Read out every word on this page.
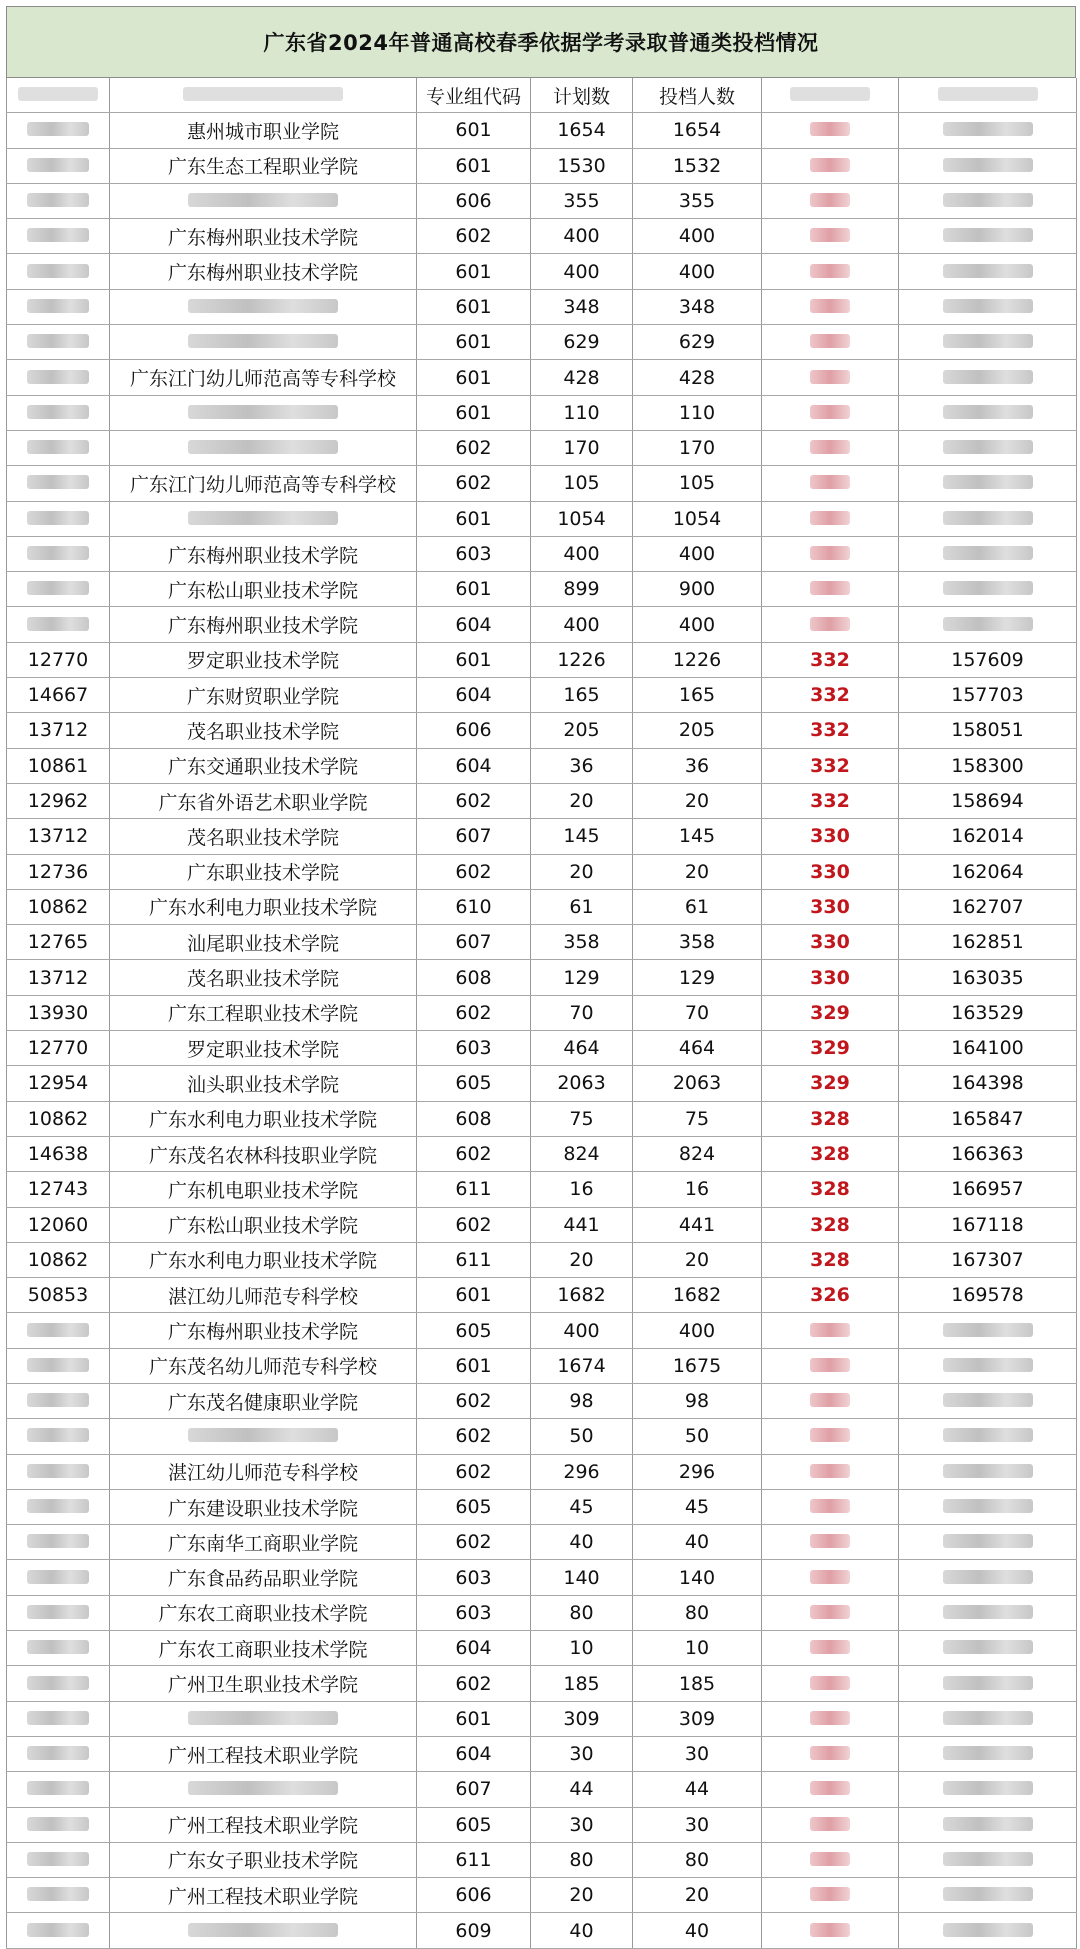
广东省2024年普通高校春季依据学考录取普通类投档情况
		专业组代码	计划数	投档人数		
	惠州城市职业学院	601	1654	1654		
	广东生态工程职业学院	601	1530	1532		
		606	355	355		
	广东梅州职业技术学院	602	400	400		
	广东梅州职业技术学院	601	400	400		
		601	348	348		
		601	629	629		
	广东江门幼儿师范高等专科学校	601	428	428		
		601	110	110		
		602	170	170		
	广东江门幼儿师范高等专科学校	602	105	105		
		601	1054	1054		
	广东梅州职业技术学院	603	400	400		
	广东松山职业技术学院	601	899	900		
	广东梅州职业技术学院	604	400	400		
12770	罗定职业技术学院	601	1226	1226	332	157609
14667	广东财贸职业学院	604	165	165	332	157703
13712	茂名职业技术学院	606	205	205	332	158051
10861	广东交通职业技术学院	604	36	36	332	158300
12962	广东省外语艺术职业学院	602	20	20	332	158694
13712	茂名职业技术学院	607	145	145	330	162014
12736	广东职业技术学院	602	20	20	330	162064
10862	广东水利电力职业技术学院	610	61	61	330	162707
12765	汕尾职业技术学院	607	358	358	330	162851
13712	茂名职业技术学院	608	129	129	330	163035
13930	广东工程职业技术学院	602	70	70	329	163529
12770	罗定职业技术学院	603	464	464	329	164100
12954	汕头职业技术学院	605	2063	2063	329	164398
10862	广东水利电力职业技术学院	608	75	75	328	165847
14638	广东茂名农林科技职业学院	602	824	824	328	166363
12743	广东机电职业技术学院	611	16	16	328	166957
12060	广东松山职业技术学院	602	441	441	328	167118
10862	广东水利电力职业技术学院	611	20	20	328	167307
50853	湛江幼儿师范专科学校	601	1682	1682	326	169578
	广东梅州职业技术学院	605	400	400		
	广东茂名幼儿师范专科学校	601	1674	1675		
	广东茂名健康职业学院	602	98	98		
		602	50	50		
	湛江幼儿师范专科学校	602	296	296		
	广东建设职业技术学院	605	45	45		
	广东南华工商职业学院	602	40	40		
	广东食品药品职业学院	603	140	140		
	广东农工商职业技术学院	603	80	80		
	广东农工商职业技术学院	604	10	10		
	广州卫生职业技术学院	602	185	185		
		601	309	309		
	广州工程技术职业学院	604	30	30		
		607	44	44		
	广州工程技术职业学院	605	30	30		
	广东女子职业技术学院	611	80	80		
	广州工程技术职业学院	606	20	20		
		609	40	40		
